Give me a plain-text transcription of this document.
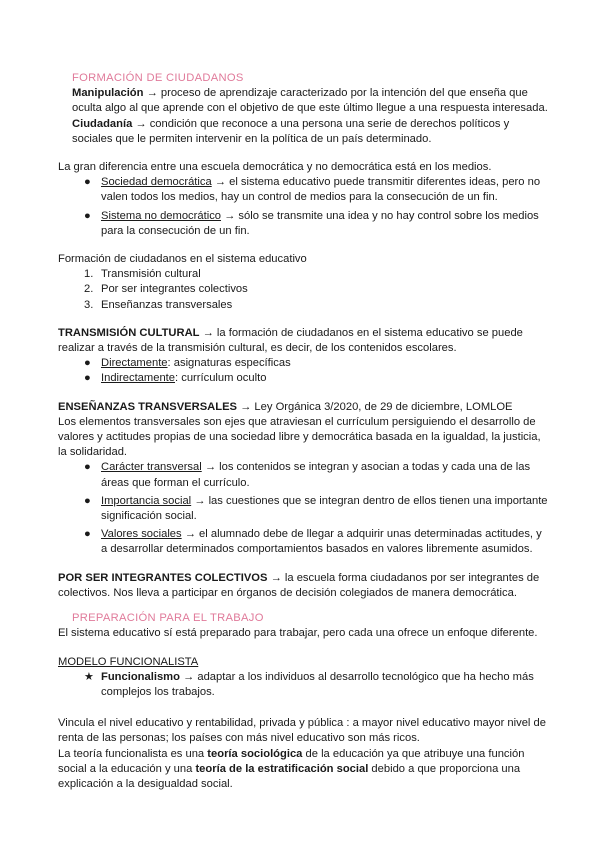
FORMACIÓN DE CIUDADANOS
Manipulación → proceso de aprendizaje caracterizado por la intención del que enseña que oculta algo al que aprende con el objetivo de que este último llegue a una respuesta interesada.
Ciudadanía → condición que reconoce a una persona una serie de derechos políticos y sociales que le permiten intervenir en la política de un país determinado.
La gran diferencia entre una escuela democrática y no democrática está en los medios.
● Sociedad democrática → el sistema educativo puede transmitir diferentes ideas, pero no valen todos los medios, hay un control de medios para la consecución de un fin.
● Sistema no democrático → sólo se transmite una idea y no hay control sobre los medios para la consecución de un fin.
Formación de ciudadanos en el sistema educativo
1. Transmisión cultural
2. Por ser integrantes colectivos
3. Enseñanzas transversales
TRANSMISIÓN CULTURAL → la formación de ciudadanos en el sistema educativo se puede realizar a través de la transmisión cultural, es decir, de los contenidos escolares.
● Directamente: asignaturas específicas
● Indirectamente: currículum oculto
ENSEÑANZAS TRANSVERSALES → Ley Orgánica 3/2020, de 29 de diciembre, LOMLOE
Los elementos transversales son ejes que atraviesan el currículum persiguiendo el desarrollo de valores y actitudes propias de una sociedad libre y democrática basada en la igualdad, la justicia, la solidaridad.
● Carácter transversal → los contenidos se integran y asocian a todas y cada una de las áreas que forman el currículo.
● Importancia social → las cuestiones que se integran dentro de ellos tienen una importante significación social.
● Valores sociales → el alumnado debe de llegar a adquirir unas determinadas actitudes, y a desarrollar determinados comportamientos basados en valores libremente asumidos.
POR SER INTEGRANTES COLECTIVOS → la escuela forma ciudadanos por ser integrantes de colectivos. Nos lleva a participar en órganos de decisión colegiados de manera democrática.
PREPARACIÓN PARA EL TRABAJO
El sistema educativo sí está preparado para trabajar, pero cada una ofrece un enfoque diferente.
MODELO FUNCIONALISTA
★ Funcionalismo → adaptar a los individuos al desarrollo tecnológico que ha hecho más complejos los trabajos.
Vincula el nivel educativo y rentabilidad, privada y pública : a mayor nivel educativo mayor nivel de renta de las personas; los países con más nivel educativo son más ricos.
La teoría funcionalista es una teoría sociológica de la educación ya que atribuye una función social a la educación y una teoría de la estratificación social debido a que proporciona una explicación a la desigualdad social.
